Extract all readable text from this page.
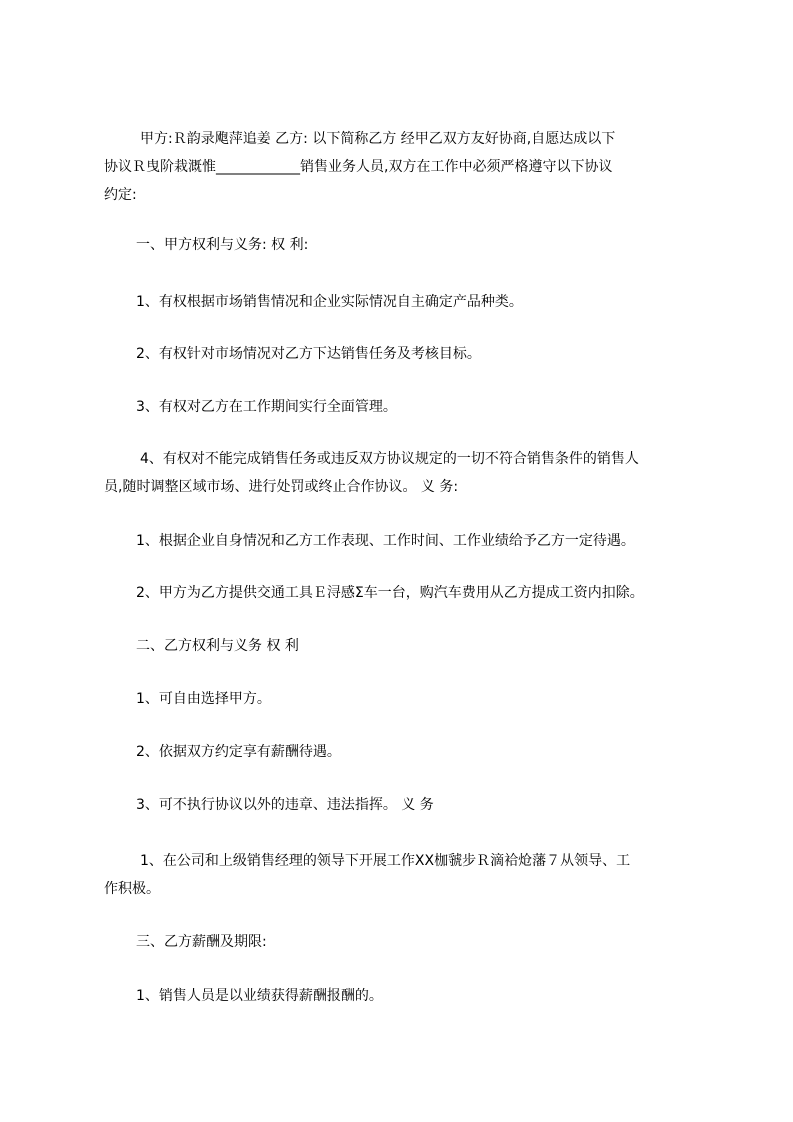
甲方:Ｒ韵录飑萍追姜 乙方: 以下简称乙方 经甲乙双方友好协商,自愿达成以下
协议Ｒ曳阶栽溉惟____________销售业务人员,双方在工作中必须严格遵守以下协议
约定:
一、甲方权利与义务: 权 利:
1、有权根据市场销售情况和企业实际情况自主确定产品种类。
2、有权针对市场情况对乙方下达销售任务及考核目标。
3、有权对乙方在工作期间实行全面管理。
4、有权对不能完成销售任务或违反双方协议规定的一切不符合销售条件的销售人
员,随时调整区域市场、进行处罚或终止合作协议。 义 务:
1、根据企业自身情况和乙方工作表现、工作时间、工作业绩给予乙方一定待遇。
2、甲方为乙方提供交通工具Ｅ浔感Σ车一台，购汽车费用从乙方提成工资内扣除。
二、乙方权利与义务 权 利
1、可自由选择甲方。
2、依据双方约定享有薪酬待遇。
3、可不执行协议以外的违章、违法指挥。 义 务
1、在公司和上级销售经理的领导下开展工作XX枷虢步Ｒ滴袷炝藩７从领导、工
作积极。
三、乙方薪酬及期限:
1、销售人员是以业绩获得薪酬报酬的。
